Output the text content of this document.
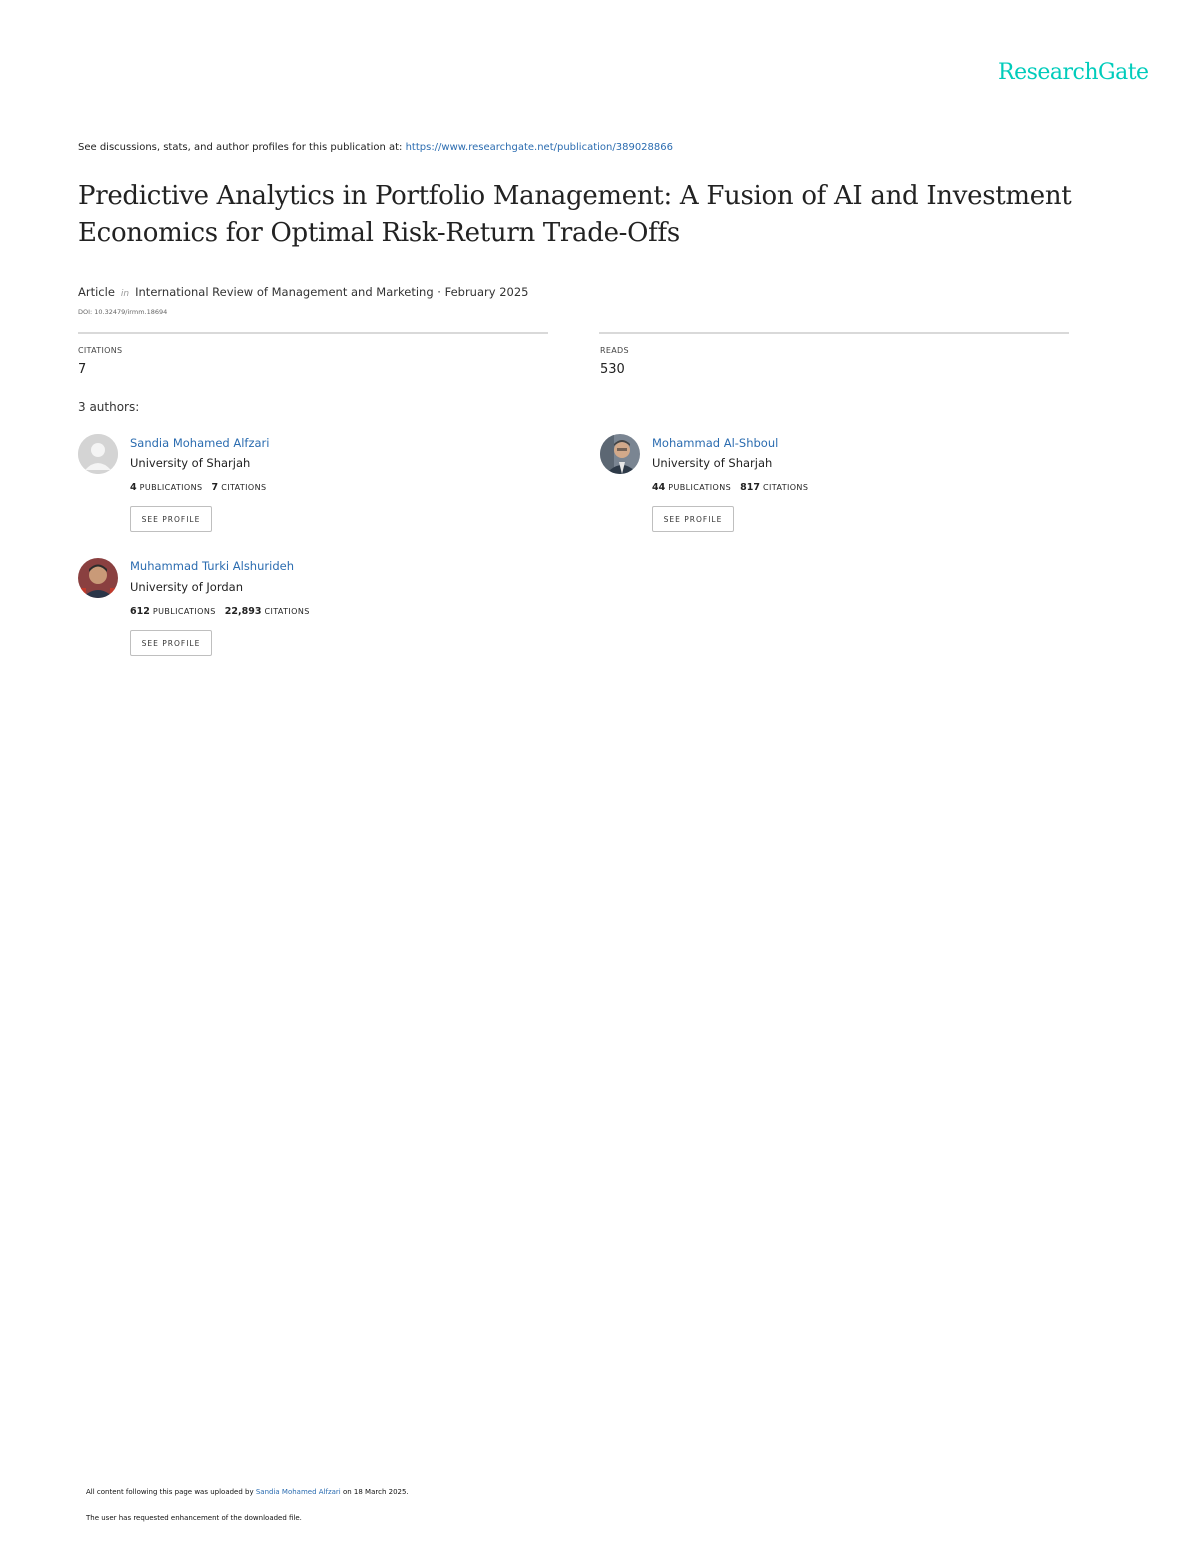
ResearchGate
See discussions, stats, and author profiles for this publication at: https://www.researchgate.net/publication/389028866
Predictive Analytics in Portfolio Management: A Fusion of AI and Investment Economics for Optimal Risk-Return Trade-Offs
Article in International Review of Management and Marketing · February 2025
DOI: 10.32479/irmm.18694
CITATIONS
7
READS
530
3 authors:
Sandia Mohamed Alfzari
University of Sharjah
4 PUBLICATIONS 7 CITATIONS
SEE PROFILE
Mohammad Al-Shboul
University of Sharjah
44 PUBLICATIONS 817 CITATIONS
SEE PROFILE
Muhammad Turki Alshurideh
University of Jordan
612 PUBLICATIONS 22,893 CITATIONS
SEE PROFILE
All content following this page was uploaded by Sandia Mohamed Alfzari on 18 March 2025.
The user has requested enhancement of the downloaded file.
